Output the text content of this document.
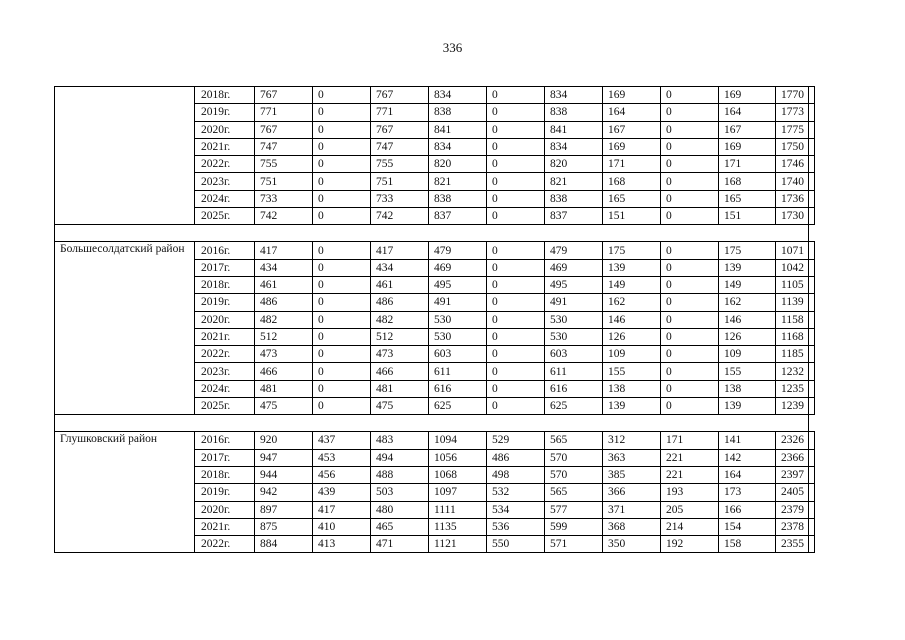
336
	2018г.	767	0	767	834	0	834	169	0	169	1770	
	2019г.	771	0	771	838	0	838	164	0	164	1773	
	2020г.	767	0	767	841	0	841	167	0	167	1775	
	2021г.	747	0	747	834	0	834	169	0	169	1750	
	2022г.	755	0	755	820	0	820	171	0	171	1746	
	2023г.	751	0	751	821	0	821	168	0	168	1740	
	2024г.	733	0	733	838	0	838	165	0	165	1736	
	2025г.	742	0	742	837	0	837	151	0	151	1730	

Большесолдатский район	2016г.	417	0	417	479	0	479	175	0	175	1071	
	2017г.	434	0	434	469	0	469	139	0	139	1042	
	2018г.	461	0	461	495	0	495	149	0	149	1105	
	2019г.	486	0	486	491	0	491	162	0	162	1139	
	2020г.	482	0	482	530	0	530	146	0	146	1158	
	2021г.	512	0	512	530	0	530	126	0	126	1168	
	2022г.	473	0	473	603	0	603	109	0	109	1185	
	2023г.	466	0	466	611	0	611	155	0	155	1232	
	2024г.	481	0	481	616	0	616	138	0	138	1235	
	2025г.	475	0	475	625	0	625	139	0	139	1239	

Глушковский район	2016г.	920	437	483	1094	529	565	312	171	141	2326	
	2017г.	947	453	494	1056	486	570	363	221	142	2366	
	2018г.	944	456	488	1068	498	570	385	221	164	2397	
	2019г.	942	439	503	1097	532	565	366	193	173	2405	
	2020г.	897	417	480	1111	534	577	371	205	166	2379	
	2021г.	875	410	465	1135	536	599	368	214	154	2378	
	2022г.	884	413	471	1121	550	571	350	192	158	2355	
